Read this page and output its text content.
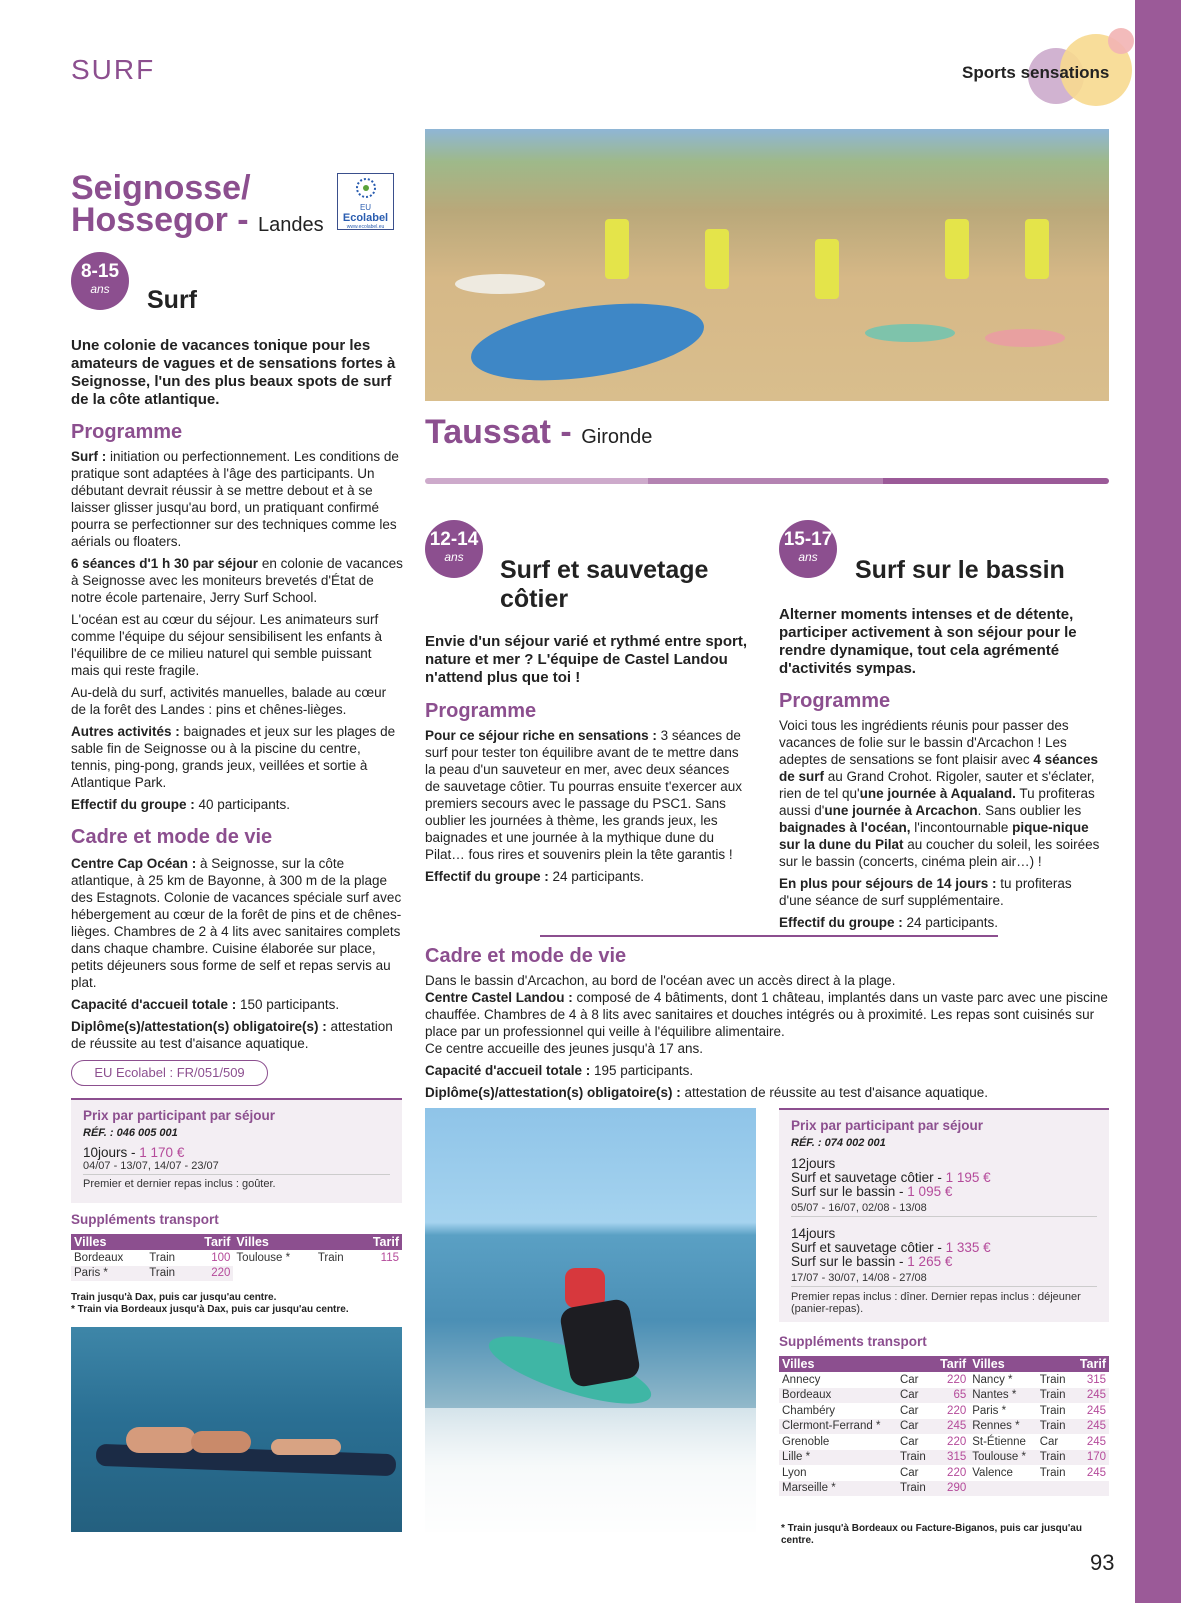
SURF	Sports sensations
Seignosse/
Hossegor - Landes
EU
Ecolabel
www.ecolabel.eu
8-15
ans	Surf
Une colonie de vacances tonique pour les amateurs de vagues et de sensations fortes à Seignosse, l'un des plus beaux spots de surf de la côte atlantique.
Programme
Surf : initiation ou perfectionnement. Les conditions de pratique sont adaptées à l'âge des participants. Un débutant devrait réussir à se mettre debout et à se laisser glisser jusqu'au bord, un pratiquant confirmé pourra se perfectionner sur des techniques comme les aérials ou floaters.
6 séances d'1 h 30 par séjour en colonie de vacances à Seignosse avec les moniteurs brevetés d'État de notre école partenaire, Jerry Surf School.
L'océan est au cœur du séjour. Les animateurs surf comme l'équipe du séjour sensibilisent les enfants à l'équilibre de ce milieu naturel qui semble puissant mais qui reste fragile.
Au-delà du surf, activités manuelles, balade au cœur de la forêt des Landes : pins et chênes-lièges.
Autres activités : baignades et jeux sur les plages de sable fin de Seignosse ou à la piscine du centre, tennis, ping-pong, grands jeux, veillées et sortie à Atlantique Park.
Effectif du groupe : 40 participants.
Cadre et mode de vie
Centre Cap Océan : à Seignosse, sur la côte atlantique, à 25 km de Bayonne, à 300 m de la plage des Estagnots. Colonie de vacances spéciale surf avec hébergement au cœur de la forêt de pins et de chênes-lièges. Chambres de 2 à 4 lits avec sanitaires complets dans chaque chambre. Cuisine élaborée sur place, petits déjeuners sous forme de self et repas servis au plat.
Capacité d'accueil totale : 150 participants.
Diplôme(s)/attestation(s) obligatoire(s) : attestation de réussite au test d'aisance aquatique.
EU Ecolabel : FR/051/509
Prix par participant par séjour
RÉF. : 046 005 001
10jours - 1 170 €
04/07 - 13/07, 14/07 - 23/07
Premier et dernier repas inclus : goûter.
Suppléments transport
Villes		Tarif	Villes		Tarif
Bordeaux	Train	100	Toulouse *	Train	115
Paris *	Train	220			
Train jusqu'à Dax, puis car jusqu'au centre.
* Train via Bordeaux jusqu'à Dax, puis car jusqu'au centre.
Taussat - Gironde
12-14
ans	Surf et sauvetage
côtier
Envie d'un séjour varié et rythmé entre sport, nature et mer ? L'équipe de Castel Landou n'attend plus que toi !
Programme
Pour ce séjour riche en sensations : 3 séances de surf pour tester ton équilibre avant de te mettre dans la peau d'un sauveteur en mer, avec deux séances de sauvetage côtier. Tu pourras ensuite t'exercer aux premiers secours avec le passage du PSC1. Sans oublier les journées à thème, les grands jeux, les baignades et une journée à la mythique dune du Pilat… fous rires et souvenirs plein la tête garantis !
Effectif du groupe : 24 participants.
15-17
ans	Surf sur le bassin
Alterner moments intenses et de détente, participer activement à son séjour pour le rendre dynamique, tout cela agrémenté d'activités sympas.
Programme
Voici tous les ingrédients réunis pour passer des vacances de folie sur le bassin d'Arcachon ! Les adeptes de sensations se font plaisir avec 4 séances de surf au Grand Crohot. Rigoler, sauter et s'éclater, rien de tel qu'une journée à Aqualand. Tu profiteras aussi d'une journée à Arcachon. Sans oublier les baignades à l'océan, l'incontournable pique-nique sur la dune du Pilat au coucher du soleil, les soirées sur le bassin (concerts, cinéma plein air…) !
En plus pour séjours de 14 jours : tu profiteras d'une séance de surf supplémentaire.
Effectif du groupe : 24 participants.
Cadre et mode de vie
Dans le bassin d'Arcachon, au bord de l'océan avec un accès direct à la plage.
Centre Castel Landou : composé de 4 bâtiments, dont 1 château, implantés dans un vaste parc avec une piscine chauffée. Chambres de 4 à 8 lits avec sanitaires et douches intégrés ou à proximité. Les repas sont cuisinés sur place par un professionnel qui veille à l'équilibre alimentaire.
Ce centre accueille des jeunes jusqu'à 17 ans.
Capacité d'accueil totale : 195 participants.
Diplôme(s)/attestation(s) obligatoire(s) : attestation de réussite au test d'aisance aquatique.
Prix par participant par séjour
RÉF. : 074 002 001
12jours
Surf et sauvetage côtier - 1 195 €
Surf sur le bassin - 1 095 €
05/07 - 16/07, 02/08 - 13/08
14jours
Surf et sauvetage côtier - 1 335 €
Surf sur le bassin - 1 265 €
17/07 - 30/07, 14/08 - 27/08
Premier repas inclus : dîner. Dernier repas inclus : déjeuner (panier-repas).
Suppléments transport
Villes		Tarif	Villes		Tarif
Annecy	Car	220	Nancy *	Train	315
Bordeaux	Car	65	Nantes *	Train	245
Chambéry	Car	220	Paris *	Train	245
Clermont-Ferrand *	Car	245	Rennes *	Train	245
Grenoble	Car	220	St-Étienne	Car	245
Lille *	Train	315	Toulouse *	Train	170
Lyon	Car	220	Valence	Train	245
Marseille *	Train	290			
* Train jusqu'à Bordeaux ou Facture-Biganos, puis car jusqu'au centre.
93
